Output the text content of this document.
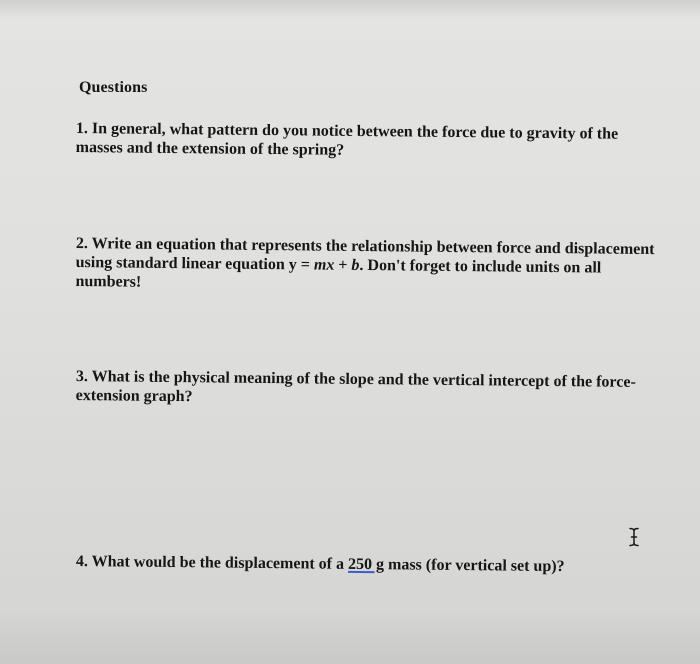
Questions
1. In general, what pattern do you notice between the force due to gravity of the masses and the extension of the spring?
2. Write an equation that represents the relationship between force and displacement using standard linear equation y = mx + b. Don't forget to include units on all numbers!
3. What is the physical meaning of the slope and the vertical intercept of the force-extension graph?
4. What would be the displacement of a 250 g mass (for vertical set up)?
